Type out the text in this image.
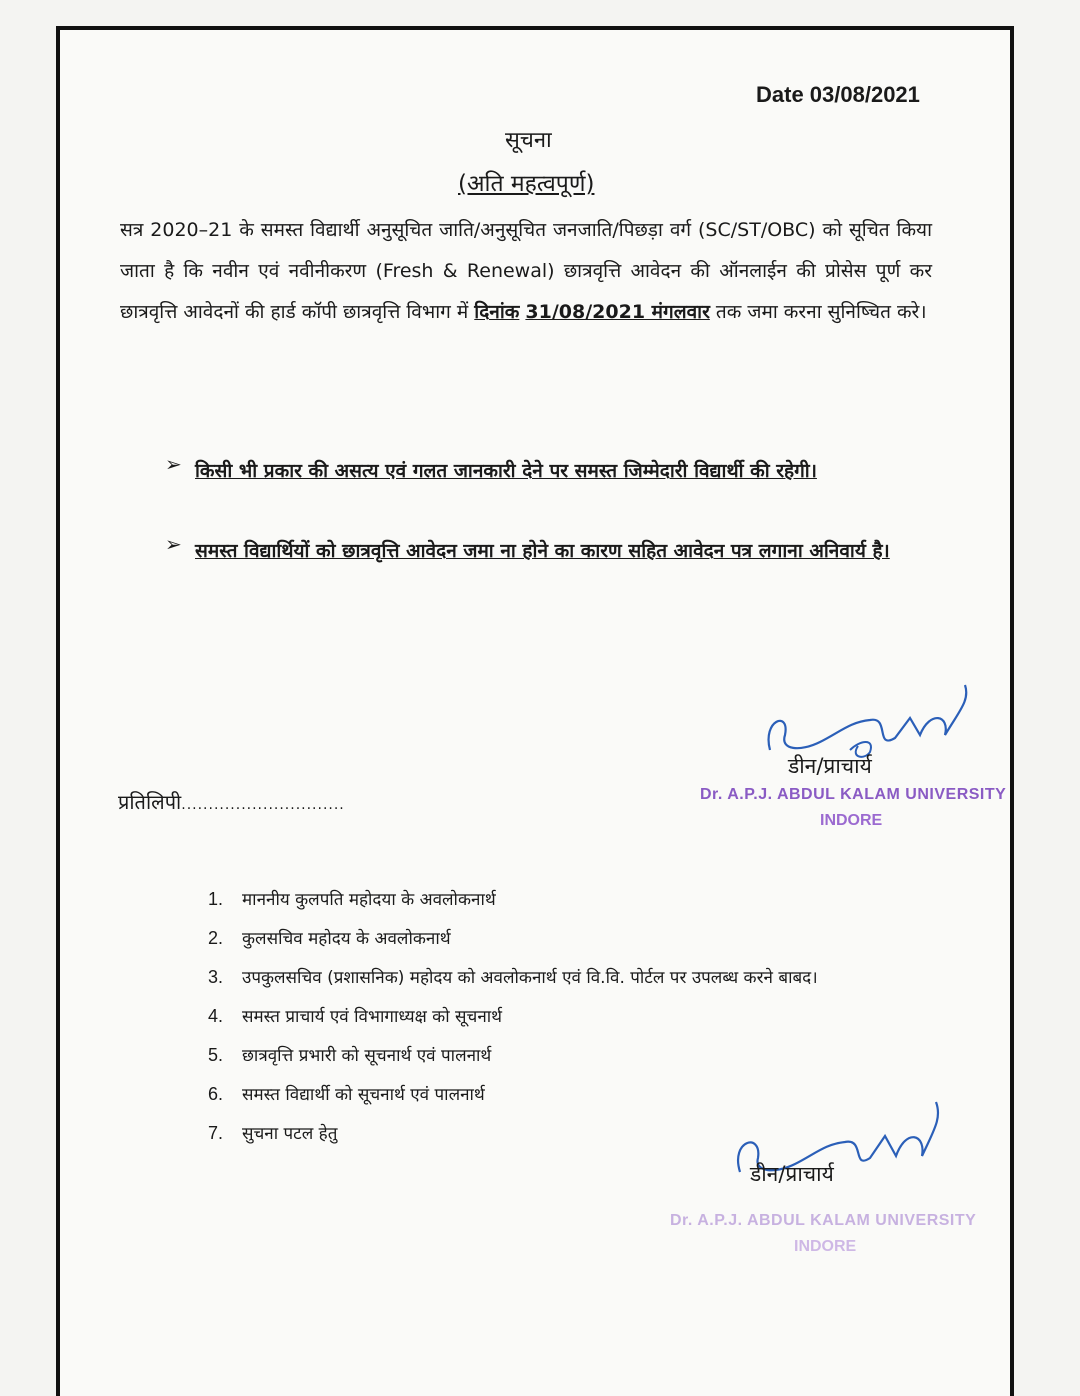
Date 03/08/2021
सूचना
(अति महत्वपूर्ण)
सत्र 2020–21 के समस्त विद्यार्थी अनुसूचित जाति/अनुसूचित जनजाति/पिछड़ा वर्ग (SC/ST/OBC) को सूचित किया जाता है कि नवीन एवं नवीनीकरण (Fresh & Renewal) छात्रवृत्ति आवेदन की ऑनलाईन की प्रोसेस पूर्ण कर छात्रवृत्ति आवेदनों की हार्ड कॉपी छात्रवृत्ति विभाग में दिनांक 31/08/2021 मंगलवार तक जमा करना सुनिष्चित करे।
➢ किसी भी प्रकार की असत्य एवं गलत जानकारी देने पर समस्त जिम्मेदारी विद्यार्थी की रहेगी।
➢ समस्त विद्यार्थियों को छात्रवृत्ति आवेदन जमा ना होने का कारण सहित आवेदन पत्र लगाना अनिवार्य है।
डीन/प्राचार्य
Dr. A.P.J. ABDUL KALAM UNIVERSITY
INDORE
प्रतिलिपी..............................
1. माननीय कुलपति महोदया के अवलोकनार्थ
2. कुलसचिव महोदय के अवलोकनार्थ
3. उपकुलसचिव (प्रशासनिक) महोदय को अवलोकनार्थ एवं वि.वि. पोर्टल पर उपलब्ध करने बाबद।
4. समस्त प्राचार्य एवं विभागाध्यक्ष को सूचनार्थ
5. छात्रवृत्ति प्रभारी को सूचनार्थ एवं पालनार्थ
6. समस्त विद्यार्थी को सूचनार्थ एवं पालनार्थ
7. सुचना पटल हेतु
डीन/प्राचार्य
Dr. A.P.J. ABDUL KALAM UNIVERSITY
INDORE
